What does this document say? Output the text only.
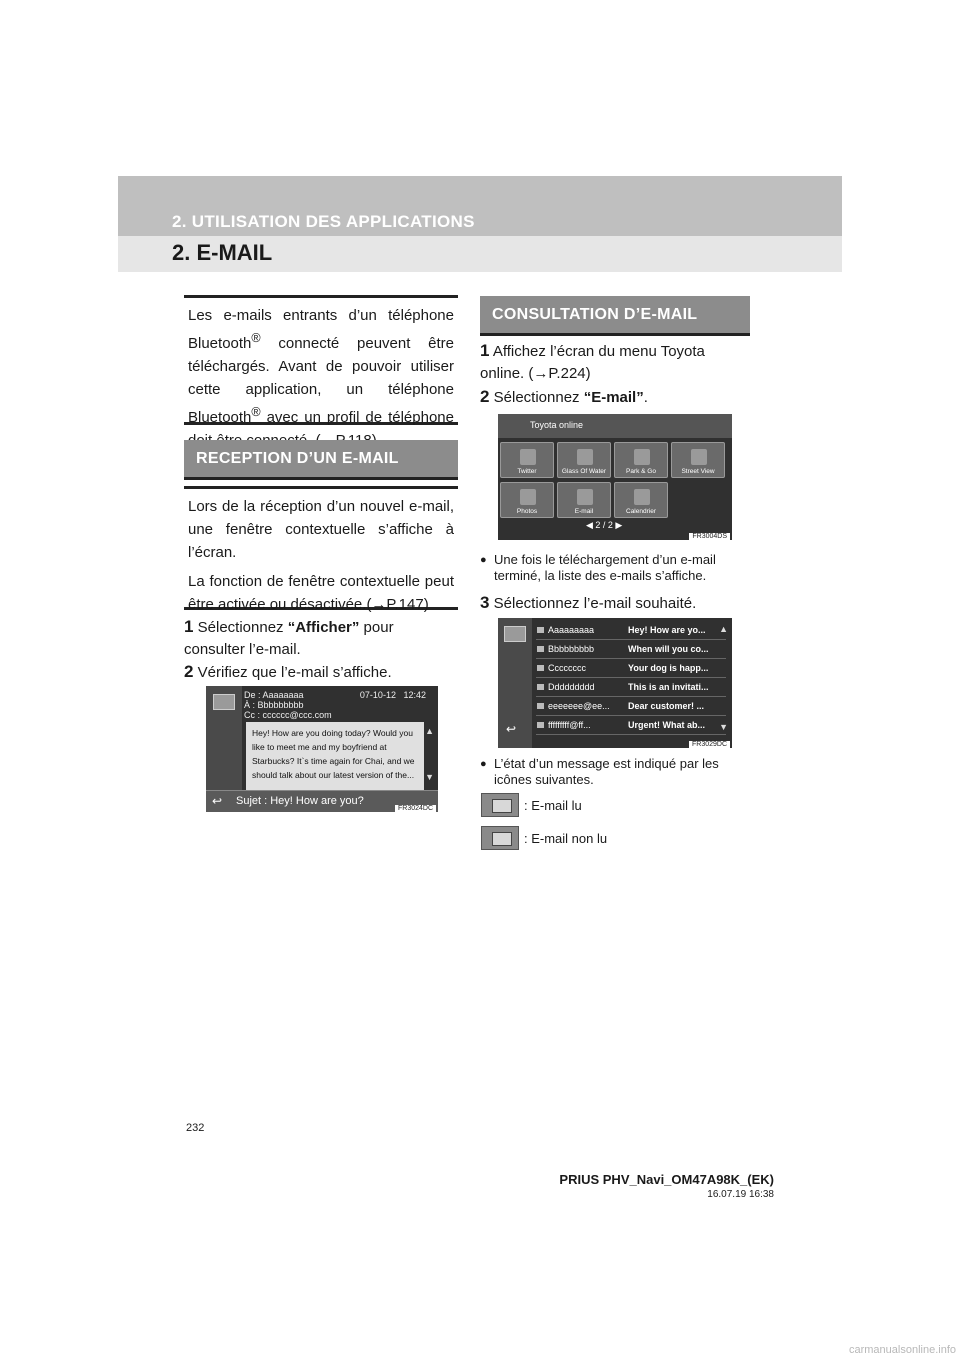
2. UTILISATION DES APPLICATIONS
2. E-MAIL

Les e-mails entrants d’un téléphone Bluetooth® connecté peuvent être téléchargés. Avant de pouvoir utiliser cette application, un téléphone Bluetooth® avec un profil de téléphone

RECEPTION D’UN E-MAIL

Lors de la réception d’un nouvel e-mail, une fenêtre contextuelle s’affiche à l’écran.

La fonction de fenêtre contextuelle peut être activée ou désactivée.(→P.147)

1 Sélectionnez “Afficher” pour consulter l’e-mail.
2 Vérifiez que l’e-mail s’affiche.
De : Aaaaaaaa
À : Bbbbbbbbb
Cc : cccccc@ccc.com
07-10-12 12:42
Hey! How are you doing today? Would you like to meet me and my boyfriend at Starbucks? It`s time again for Chai, and we should talk about our latest version of the...
▲
▼
Sujet : Hey! How are you?
↩
FR3024DC
CONSULTATION D’E-MAIL
1 Affichez l’écran du menu Toyota online. (→P.224)
2 Sélectionnez “E-mail”.
Toyota online
Twitter	Glass Of Water	Park & Go	Street View
Photos	E-mail	Calendrier
◀ 2 / 2 ▶
FR3004DS
● Une fois le téléchargement d’un e-mail terminé, la liste des e-mails s’affiche.
3 Sélectionnez l’e-mail souhaité.
Aaaaaaaaa	Hey! How are yo...
Bbbbbbbbb	When will you co...
Cccccccc	Your dog is happ...
Ddddddddd	This is an invitati...
eeeeeee@ee... Dear customer! ...
fffffffff@ff...	Urgent! What ab...
▲
▼
↩
FR3029DC
● L’état d’un message est indiqué par les icônes suivantes.
: E-mail lu
: E-mail non lu
232
PRIUS PHV_Navi_OM47A98K_(EK)
16.07.19 16:38
carmanualsonline.info
